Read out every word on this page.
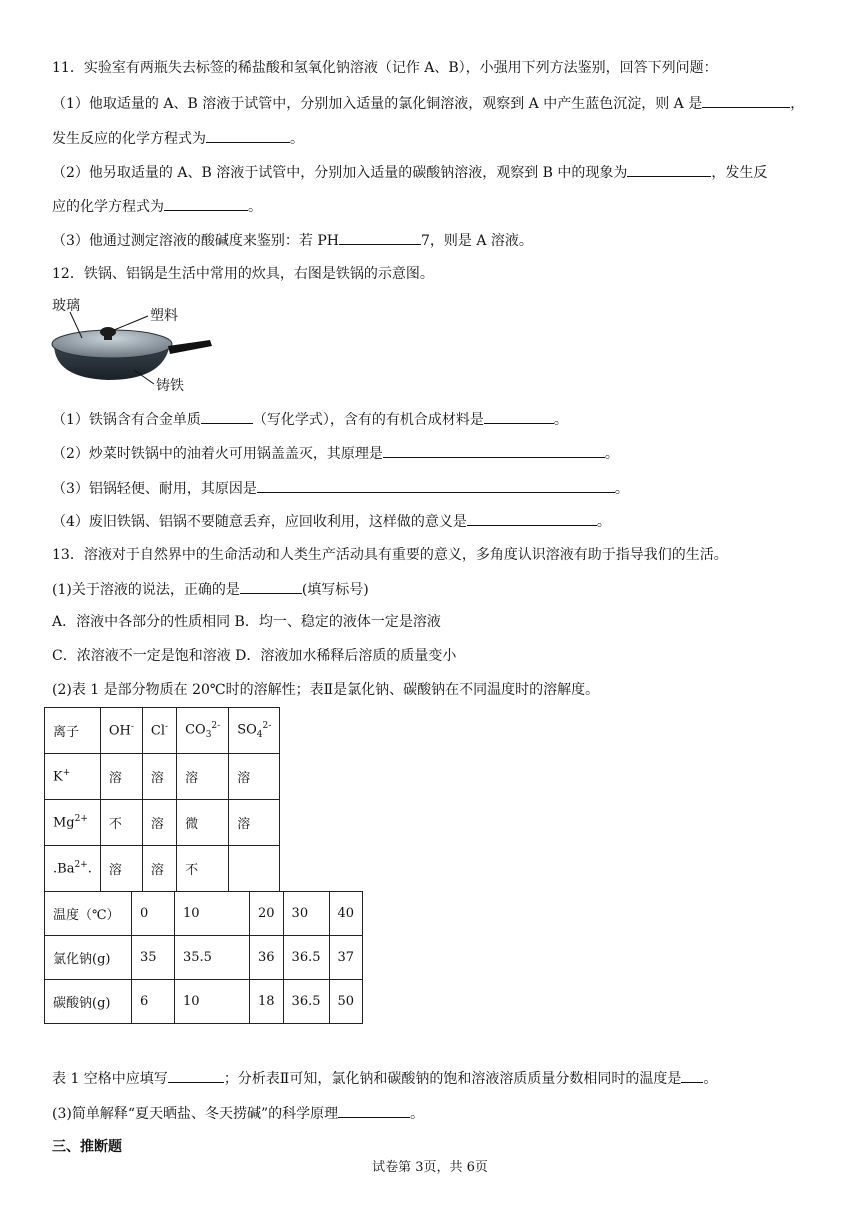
11．实验室有两瓶失去标签的稀盐酸和氢氧化钠溶液（记作 A、B），小强用下列方法鉴别，回答下列问题：
（1）他取适量的 A、B 溶液于试管中，分别加入适量的氯化铜溶液，观察到 A 中产生蓝色沉淀，则 A 是	，
发生反应的化学方程式为	。
（2）他另取适量的 A、B 溶液于试管中，分别加入适量的碳酸钠溶液，观察到 B 中的现象为	，发生反
应的化学方程式为	。
（3）他通过测定溶液的酸碱度来鉴别：若 PH	7，则是 A 溶液。
12．铁锅、铝锅是生活中常用的炊具，右图是铁锅的示意图。
玻璃
塑料
铸铁
（1）铁锅含有合金单质	（写化学式），含有的有机合成材料是	。
（2）炒菜时铁锅中的油着火可用锅盖盖灭，其原理是	。
（3）铝锅轻便、耐用，其原因是	。
（4）废旧铁锅、铝锅不要随意丢弃，应回收利用，这样做的意义是	。
13．溶液对于自然界中的生命活动和人类生产活动具有重要的意义，多角度认识溶液有助于指导我们的生活。
(1)关于溶液的说法，正确的是	(填写标号)
A．溶液中各部分的性质相同 B．均一、稳定的液体一定是溶液
C．浓溶液不一定是饱和溶液 D．溶液加水稀释后溶质的质量变小
(2)表 1 是部分物质在 20℃时的溶解性；表Ⅱ是氯化钠、碳酸钠在不同温度时的溶解度。
离子	OH-	Cl-	$CO_3^{2-}$	$SO_4^{2-}$
K+	溶	溶	溶	溶
$Mg^{2+}$	不	溶	微	溶
$.Ba^{2+}$.	溶	溶	不	
温度（℃）	0	10	20	30	40
氯化钠(g)	35	35.5	36	36.5	37
碳酸钠(g)	6	10	18	36.5	50
表 1 空格中应填写	；分析表Ⅱ可知，氯化钠和碳酸钠的饱和溶液溶质质量分数相同时的温度是 。
(3)简单解释“夏天晒盐、冬天捞碱”的科学原理	。
三、推断题
试卷第 3页，共 6页
